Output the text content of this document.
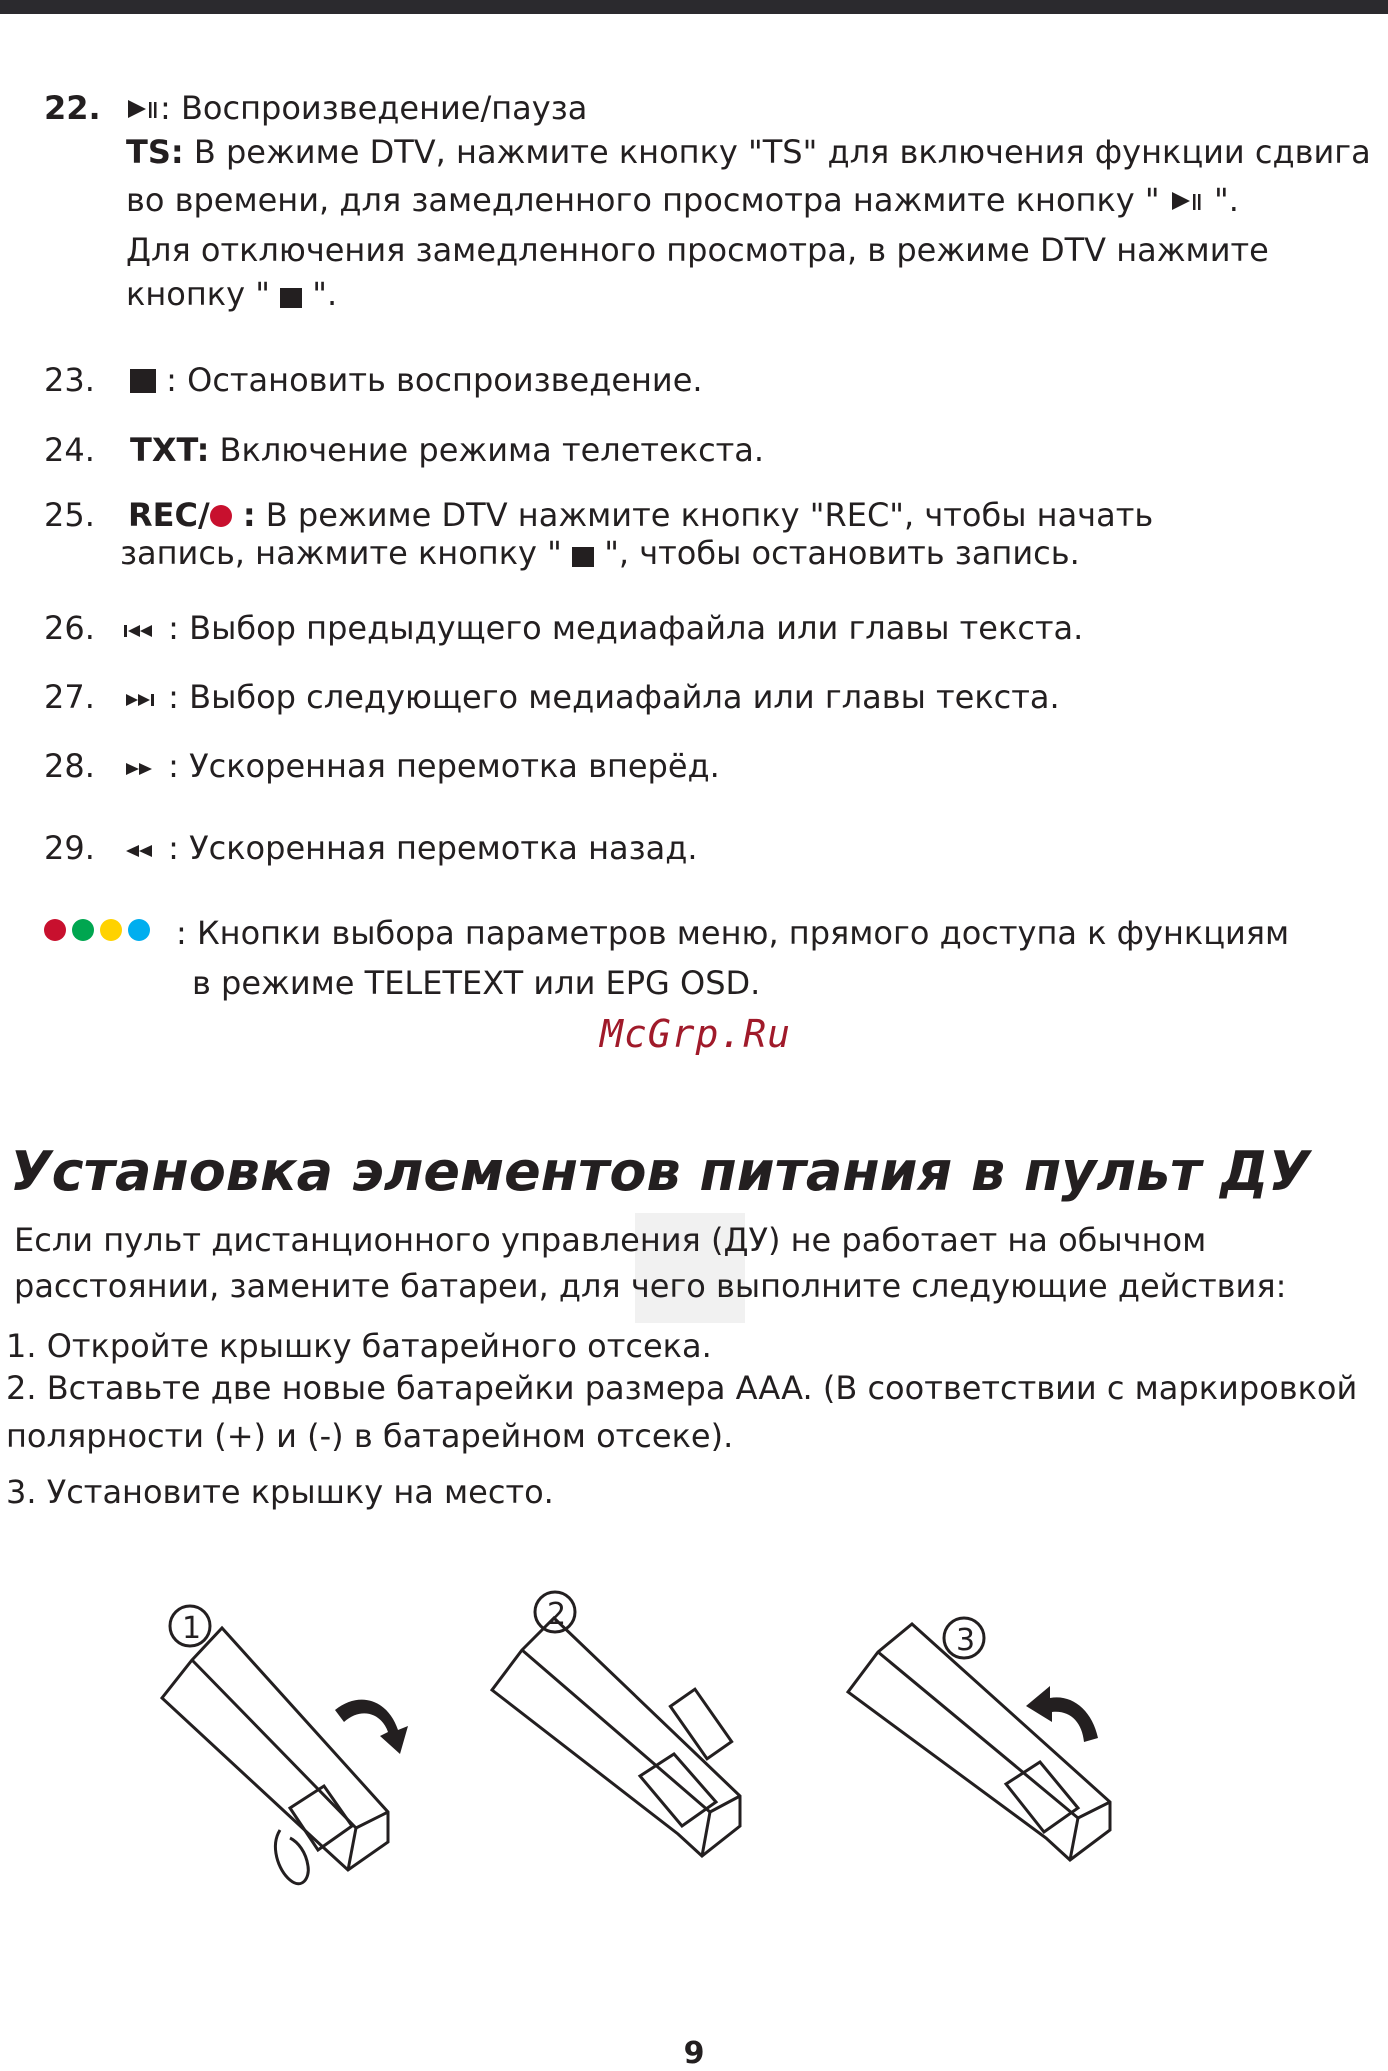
22.	: Воспроизведение/пауза
TS: В режиме DTV, нажмите кнопку "TS" для включения функции сдвига
во времени, для замедленного просмотра нажмите кнопку "  ".
Для отключения замедленного просмотра, в режиме DTV нажмите
кнопку "  ".
23.	: Остановить воспроизведение.
24. TXT: Включение режима телетекста.
25. REC/ : В режиме DTV нажмите кнопку "REC", чтобы начать
запись, нажмите кнопку "  ", чтобы остановить запись.
26.	: Выбор предыдущего медиафайла или главы текста.
27.	: Выбор следующего медиафайла или главы текста.
28.	: Ускоренная перемотка вперёд.
29.	: Ускоренная перемотка назад.
: Кнопки выбора параметров меню, прямого доступа к функциям
в режиме TELETEXT или EPG OSD.
McGrp.Ru
Установка элементов питания в пульт ДУ
Если пульт дистанционного управления (ДУ) не работает на обычном
расстоянии, замените батареи, для чего выполните следующие действия:
1. Откройте крышку батарейного отсека.
2. Вставьте две новые батарейки размера AAA. (В соответствии с маркировкой
полярности (+) и (-) в батарейном отсеке).
3. Установите крышку на место.
1	2
3
9
